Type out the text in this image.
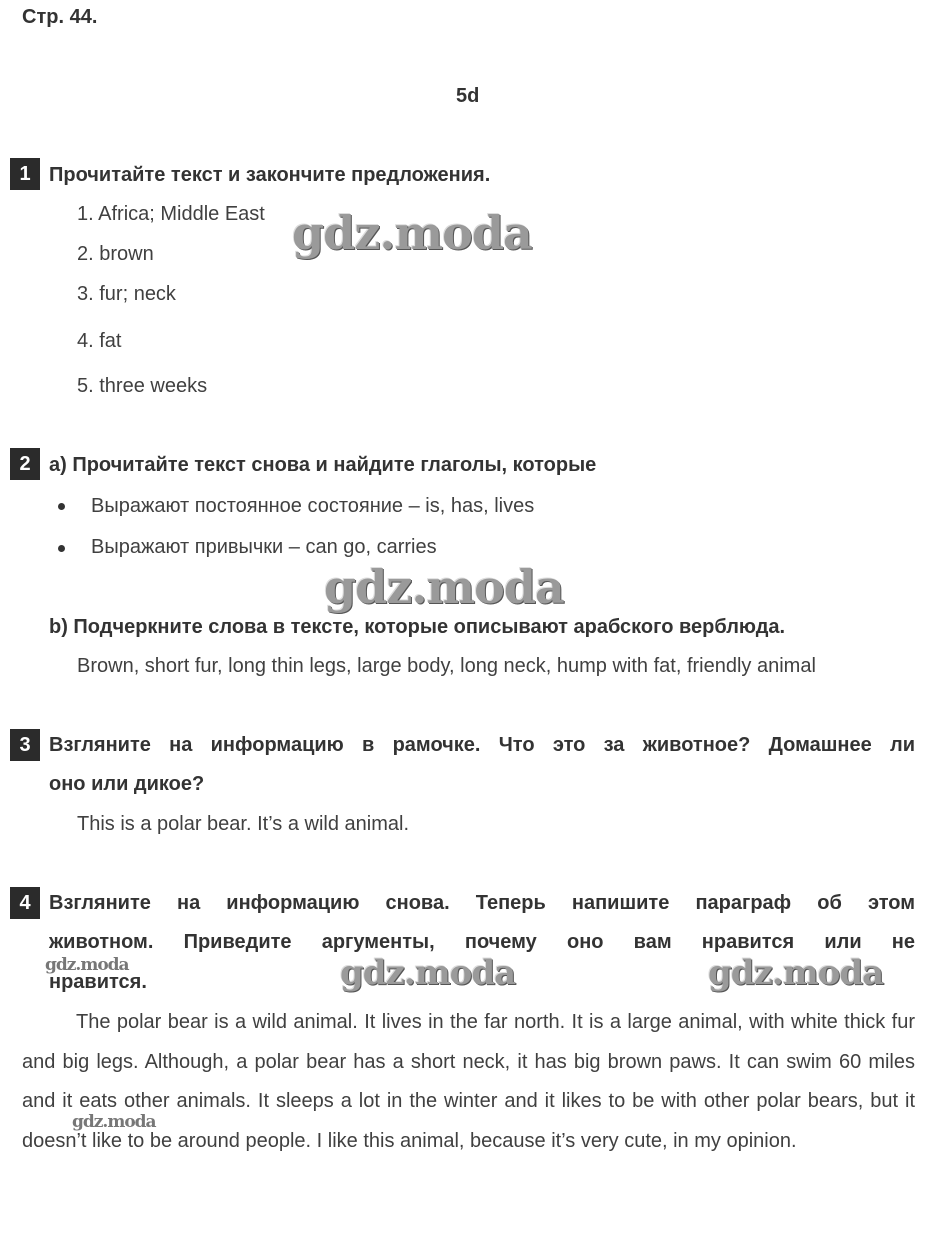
Стр. 44.
5d
1 Прочитайте текст и закончите предложения.
1. Africa; Middle East
2. brown
3. fur; neck
4. fat
5. three weeks
2 a) Прочитайте текст снова и найдите глаголы, которые
Выражают постоянное состояние – is, has, lives
Выражают привычки – can go, carries
b) Подчеркните слова в тексте, которые описывают арабского верблюда.
Brown, short fur, long thin legs, large body, long neck, hump with fat, friendly animal
3 Взгляните на информацию в рамочке. Что это за животное? Домашнее ли
оно или дикое?
This is a polar bear. It’s a wild animal.
4 Взгляните на информацию снова. Теперь напишите параграф об этом
животном. Приведите аргументы, почему оно вам нравится или не
нравится.
The polar bear is a wild animal. It lives in the far north. It is a large animal, with white thick fur and big legs. Although, a polar bear has a short neck, it has big brown paws. It can swim 60 miles and it eats other animals. It sleeps a lot in the winter and it likes to be with other polar bears, but it doesn’t like to be around people. I like this animal, because it’s very cute, in my opinion.
gdz.moda
gdz.moda
gdz.moda	gdz.moda
gdz.moda
gdz.moda
